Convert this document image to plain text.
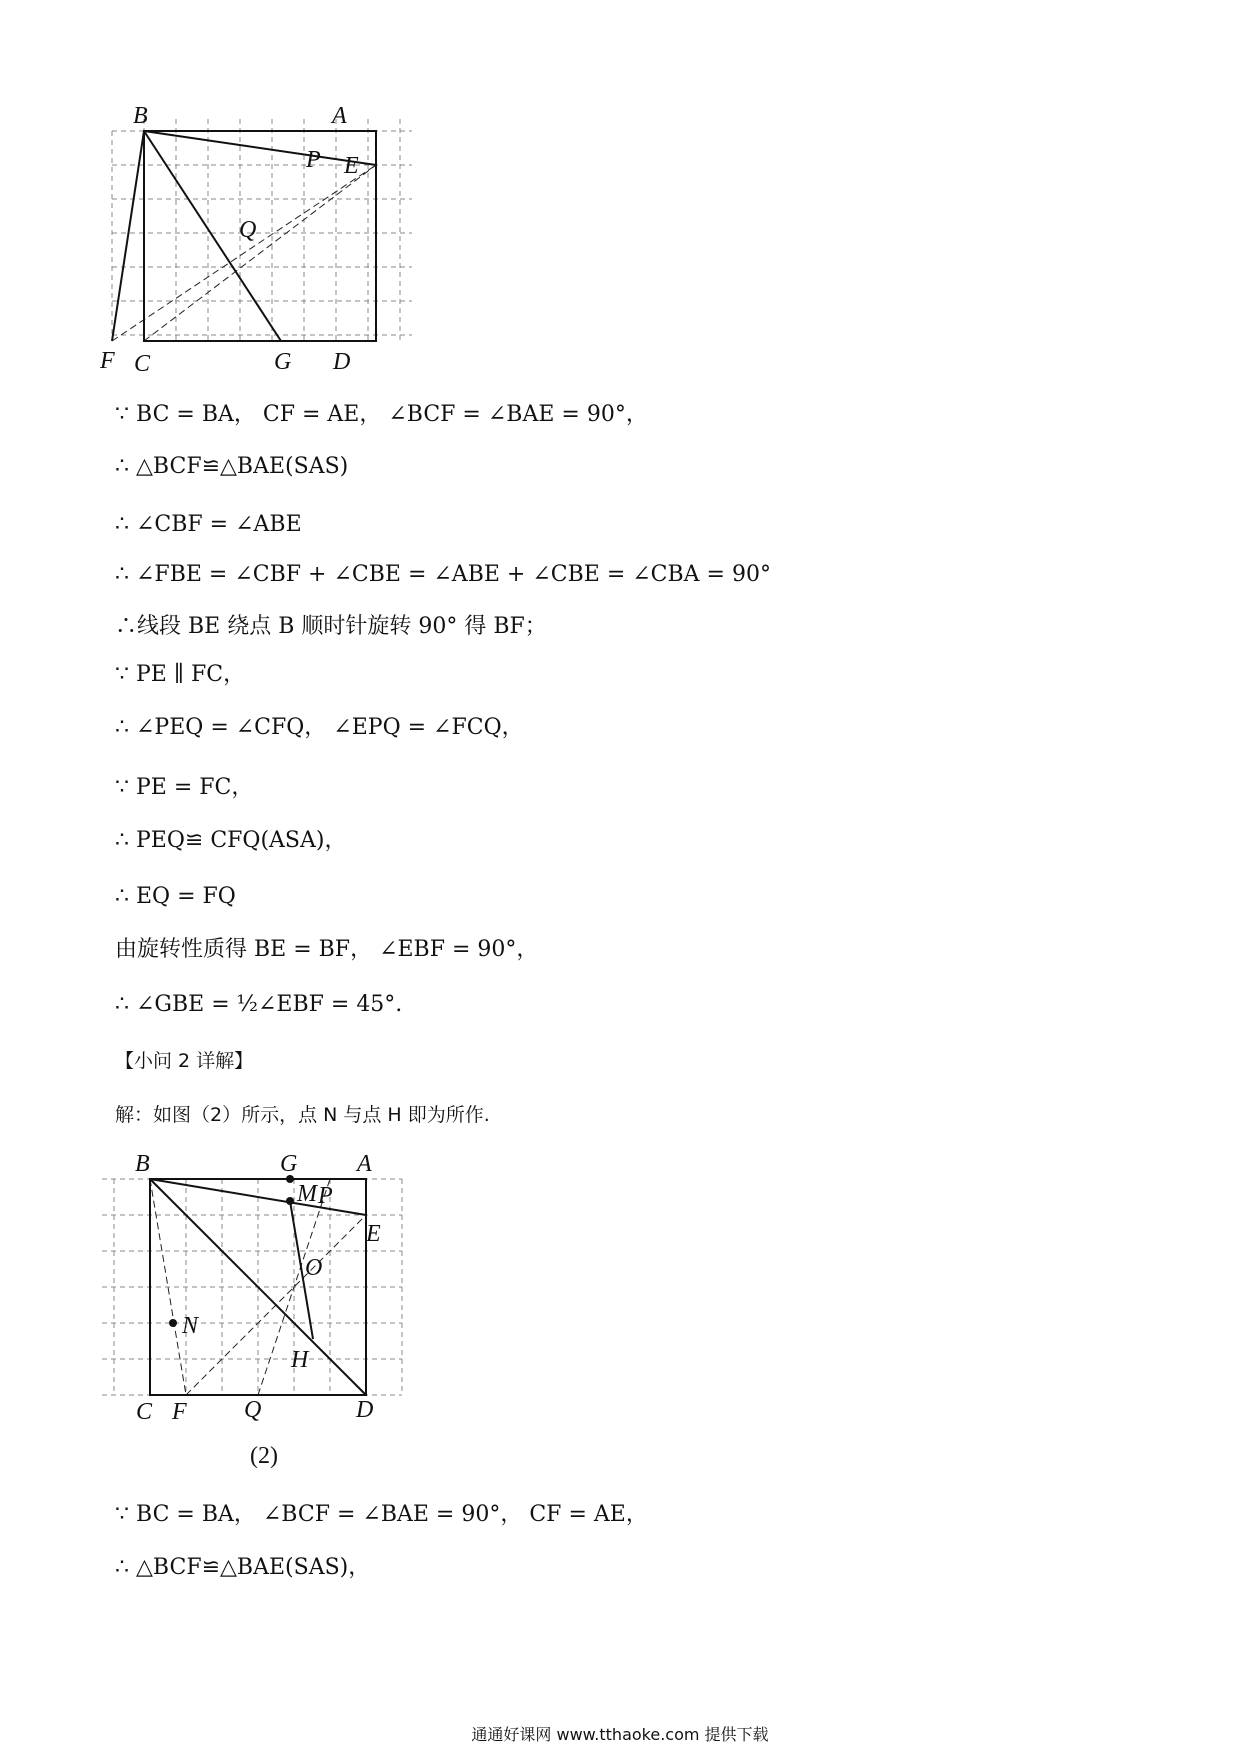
B	A
P E
Q
F C	G D
∵ BC = BA， CF = AE， ∠BCF = ∠BAE = 90°，
∴ △BCF≌△BAE(SAS)
∴ ∠CBF = ∠ABE
∴ ∠FBE = ∠CBF + ∠CBE = ∠ABE + ∠CBE = ∠CBA = 90°
∴线段 BE 绕点 B 顺时针旋转 90° 得 BF；
∵ PE ∥ FC，
∴ ∠PEQ = ∠CFQ， ∠EPQ = ∠FCQ，
∵ PE = FC，
∴ PEQ≌ CFQ(ASA)，
∴ EQ = FQ
由旋转性质得 BE = BF， ∠EBF = 90°，
∴ ∠GBE = ½∠EBF = 45°.
【小问 2 详解】
解：如图（2）所示，点 N 与点 H 即为所作.
B	G A
M P
E
O
N
H
C F Q	D
(2)
∵ BC = BA， ∠BCF = ∠BAE = 90°， CF = AE，
∴ △BCF≌△BAE(SAS)，
通通好课网 www.tthaoke.com 提供下载
